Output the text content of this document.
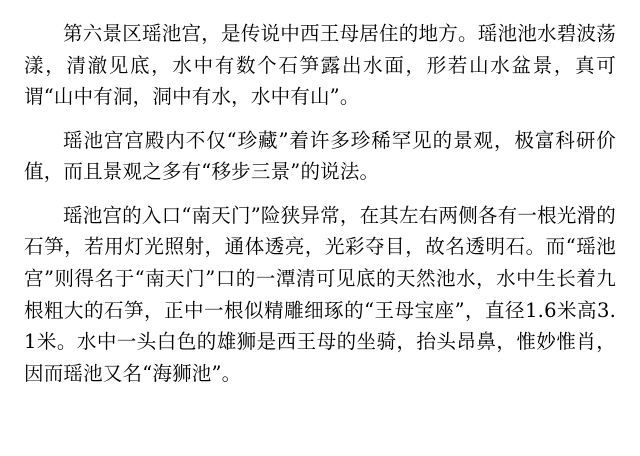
第六景区瑶池宫，是传说中西王母居住的地方。瑶池池水碧波荡漾，清澈见底，水中有数个石笋露出水面，形若山水盆景，真可谓“山中有洞，洞中有水，水中有山”。

瑶池宫宫殿内不仅“珍藏”着许多珍稀罕见的景观，极富科研价值，而且景观之多有“移步三景”的说法。

瑶池宫的入口“南天门”险狭异常，在其左右两侧各有一根光滑的石笋，若用灯光照射，通体透亮，光彩夺目，故名透明石。而“瑶池宫”则得名于“南天门”口的一潭清可见底的天然池水，水中生长着九根粗大的石笋，正中一根似精雕细琢的“王母宝座”，直径1.6米高3.1米。水中一头白色的雄狮是西王母的坐骑，抬头昂鼻，惟妙惟肖，因而瑶池又名“海狮池”。
